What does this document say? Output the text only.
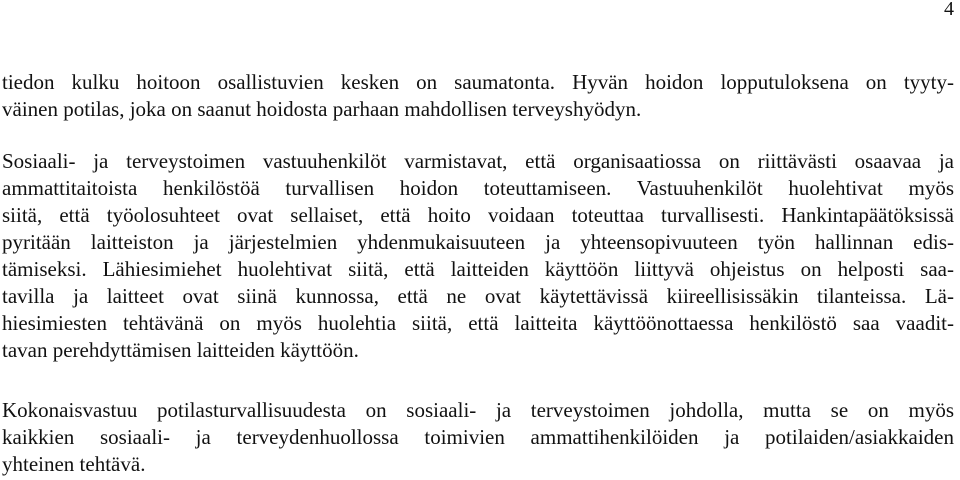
4
tiedon kulku hoitoon osallistuvien kesken on saumatonta. Hyvän hoidon lopputuloksena on tyyty-
väinen potilas, joka on saanut hoidosta parhaan mahdollisen terveyshyödyn.
Sosiaali- ja terveystoimen vastuuhenkilöt varmistavat, että organisaatiossa on riittävästi osaavaa ja
ammattitaitoista henkilöstöä turvallisen hoidon toteuttamiseen. Vastuuhenkilöt huolehtivat myös
siitä, että työolosuhteet ovat sellaiset, että hoito voidaan toteuttaa turvallisesti. Hankintapäätöksissä
pyritään laitteiston ja järjestelmien yhdenmukaisuuteen ja yhteensopivuuteen työn hallinnan edis-
tämiseksi. Lähiesimiehet huolehtivat siitä, että laitteiden käyttöön liittyvä ohjeistus on helposti saa-
tavilla ja laitteet ovat siinä kunnossa, että ne ovat käytettävissä kiireellisissäkin tilanteissa. Lä-
hiesimiesten tehtävänä on myös huolehtia siitä, että laitteita käyttöönottaessa henkilöstö saa vaadit-
tavan perehdyttämisen laitteiden käyttöön.
Kokonaisvastuu potilasturvallisuudesta on sosiaali- ja terveystoimen johdolla, mutta se on myös
kaikkien sosiaali- ja terveydenhuollossa toimivien ammattihenkilöiden ja potilaiden/asiakkaiden
yhteinen tehtävä.
